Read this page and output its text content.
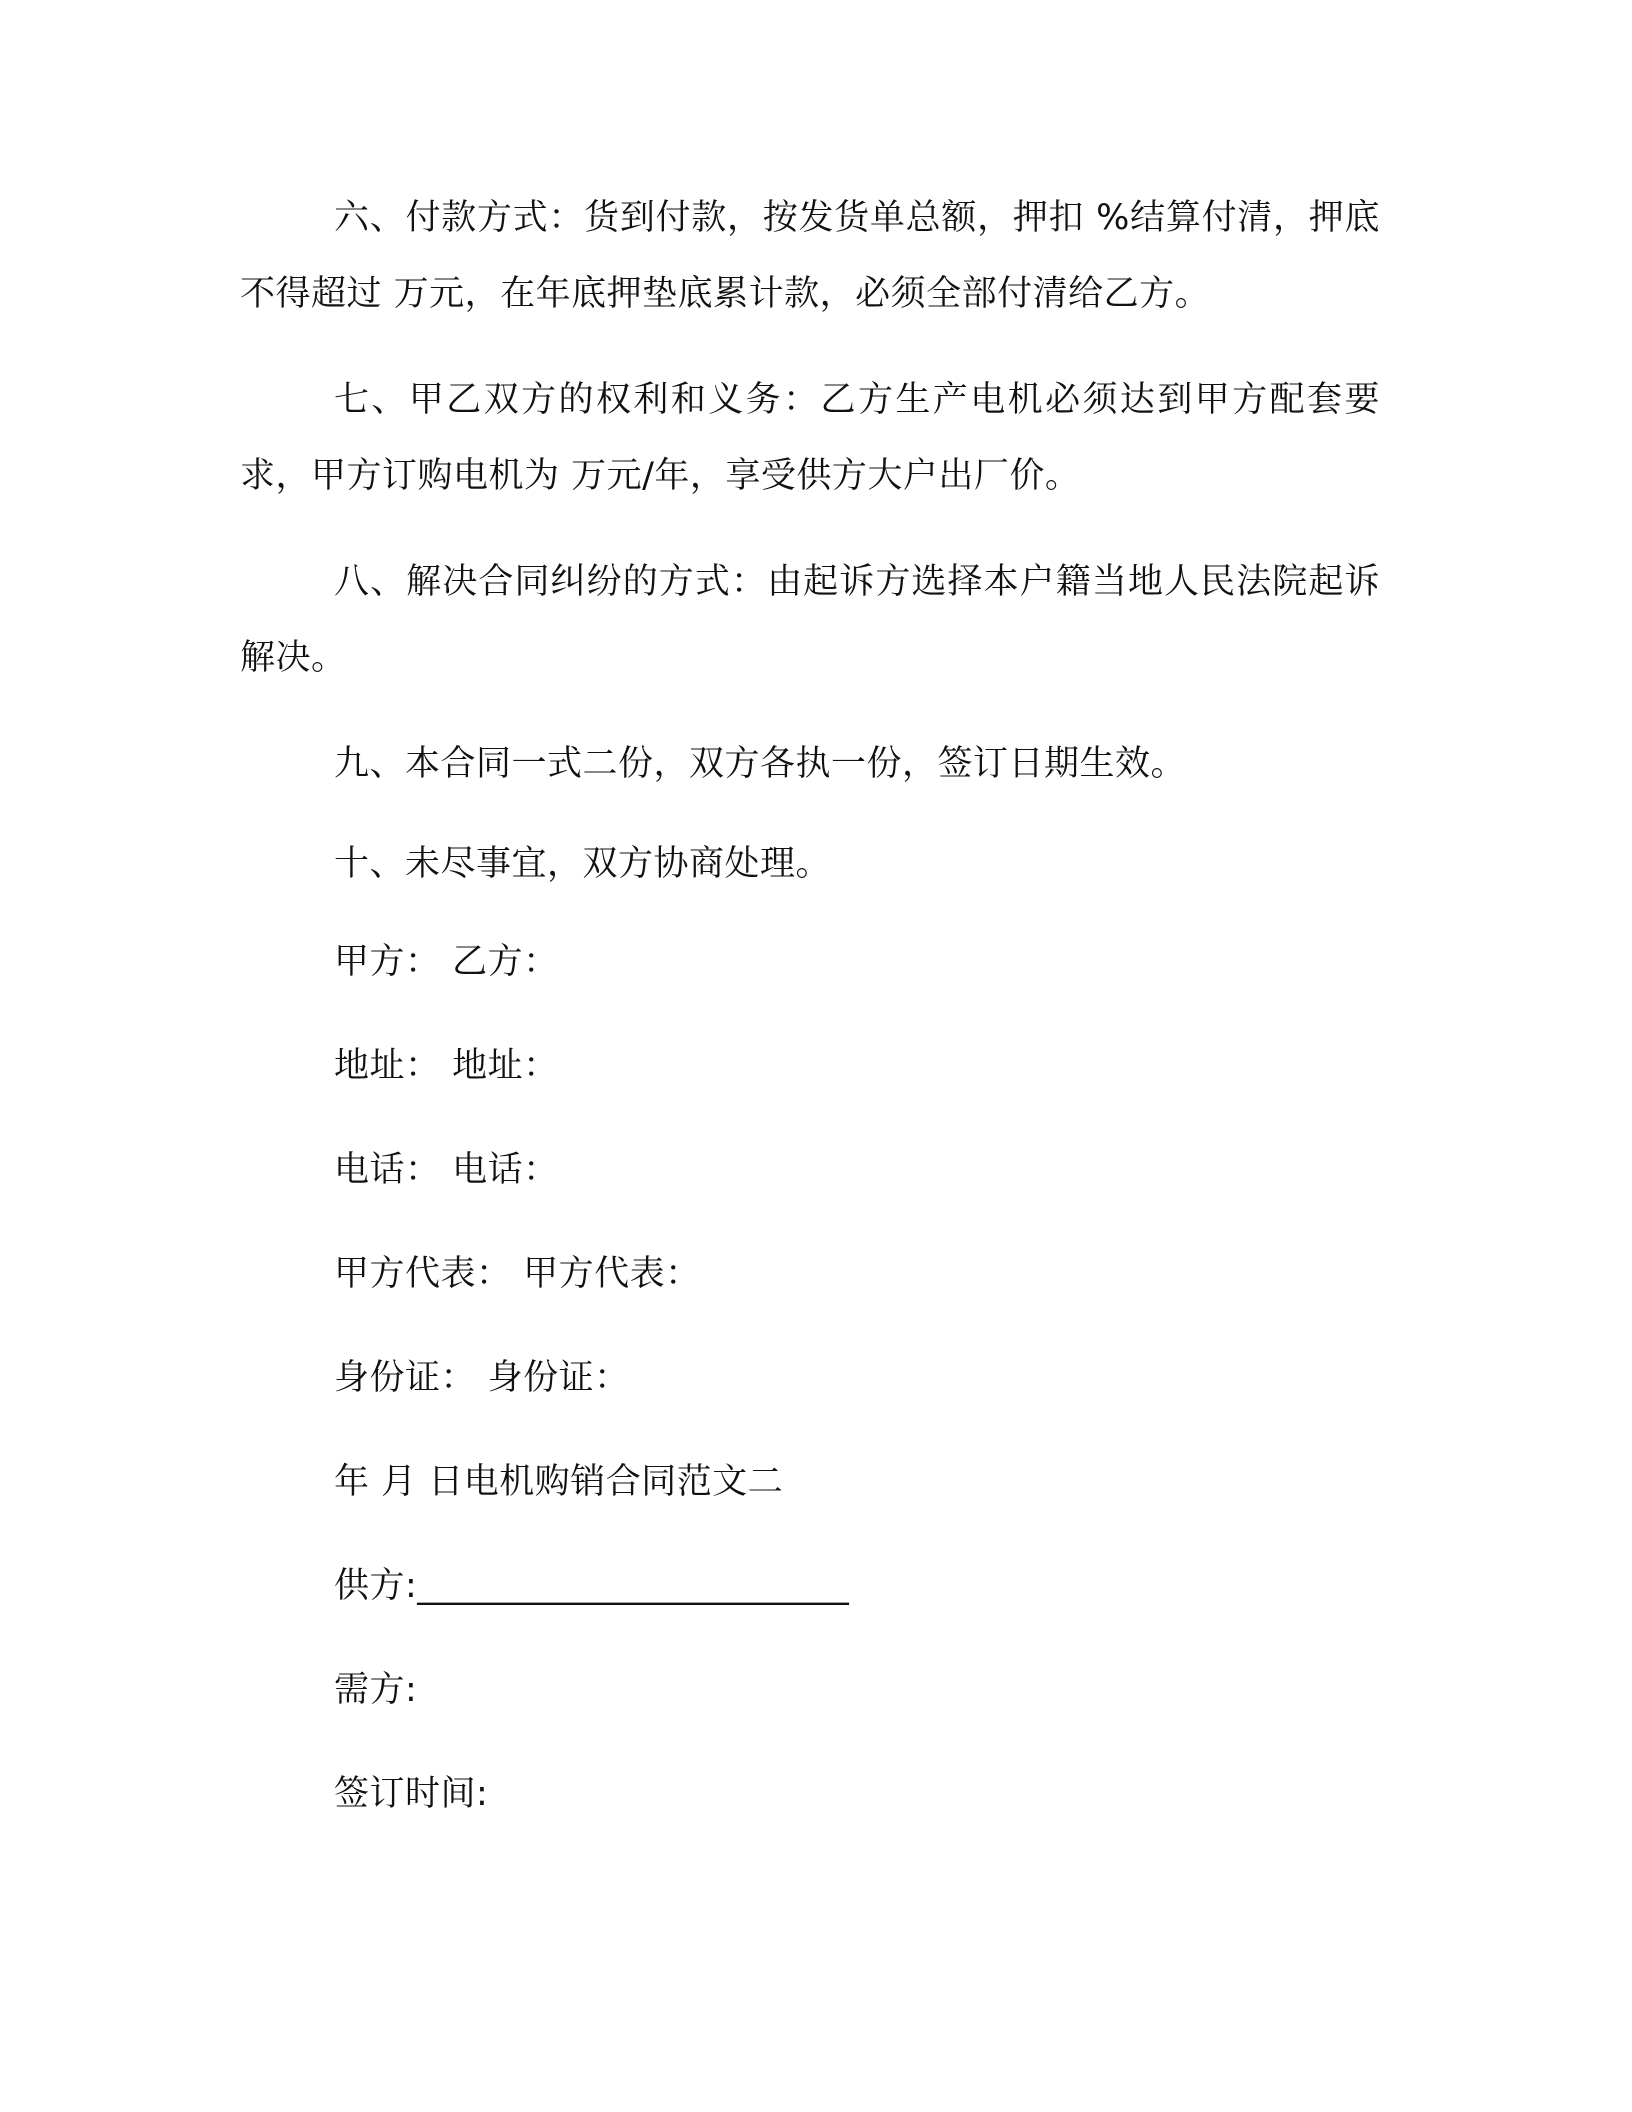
六、付款方式：货到付款，按发货单总额，押扣 %结算付清，押底不得超过 万元，在年底押垫底累计款，必须全部付清给乙方。

七、甲乙双方的权利和义务：乙方生产电机必须达到甲方配套要求，甲方订购电机为 万元/年，享受供方大户出厂价。

八、解决合同纠纷的方式：由起诉方选择本户籍当地人民法院起诉解决。

九、本合同一式二份，双方各执一份，签订日期生效。

十、未尽事宜，双方协商处理。

甲方： 乙方：

地址： 地址：

电话： 电话：

甲方代表： 甲方代表：

身份证： 身份证：

年 月 日电机购销合同范文二

供方:________________________

需方:

签订时间:
